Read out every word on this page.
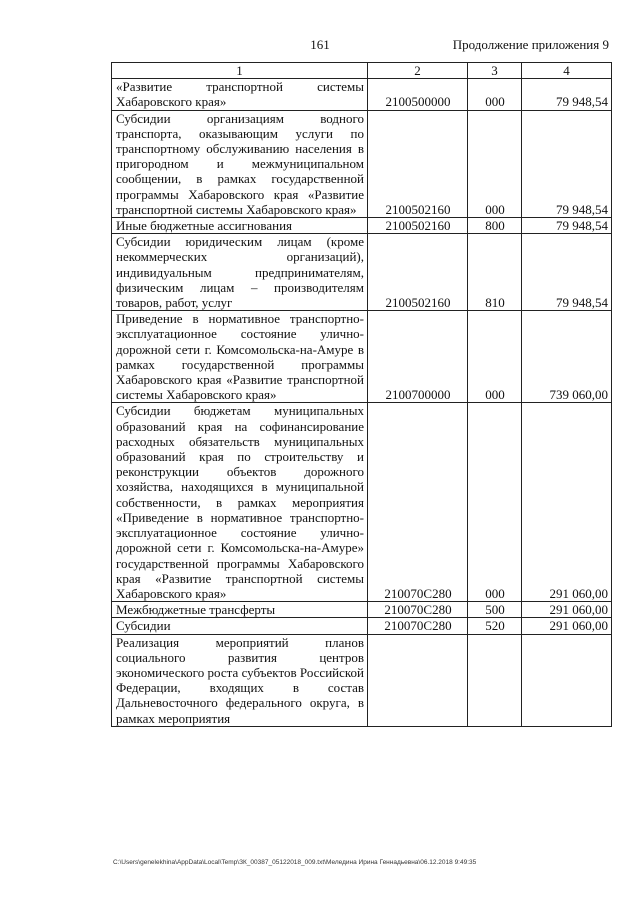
161	Продолжение приложения 9
1	2	3	4
«Развитие транспортной системы Хабаровского края»	2100500000	000	79 948,54
Субсидии организациям водного транспорта, оказывающим услуги по транспортному обслуживанию населения в пригородном и межмуниципальном сообщении, в рамках государственной программы Хабаровского края «Развитие транспортной системы Хабаровского края»	2100502160	000	79 948,54
Иные бюджетные ассигнования	2100502160	800	79 948,54
Субсидии юридическим лицам (кроме некоммерческих организаций), индивидуальным предпринимателям, физическим лицам – производителям товаров, работ, услуг	2100502160	810	79 948,54
Приведение в нормативное транспортно-эксплуатационное состояние улично-дорожной сети г. Комсомольска-на-Амуре в рамках государственной программы Хабаровского края «Развитие транспортной системы Хабаровского края»	2100700000	000	739 060,00
Субсидии бюджетам муниципальных образований края на софинансирование расходных обязательств муниципальных образований края по строительству и реконструкции объектов дорожного хозяйства, находящихся в муниципальной собственности, в рамках мероприятия «Приведение в нормативное транспортно-эксплуатационное состояние улично-дорожной сети г. Комсомольска-на-Амуре» государственной программы Хабаровского края «Развитие транспортной системы Хабаровского края»	210070С280	000	291 060,00
Межбюджетные трансферты	210070С280	500	291 060,00
Субсидии	210070С280	520	291 060,00
Реализация мероприятий планов социального развития центров экономического роста субъектов Российской Федерации, входящих в состав Дальневосточного федерального округа, в рамках мероприятия			
C:\Users\genelekhina\AppData\Local\Temp\ЗК_00387_05122018_009.txt\Меледина Ирина Геннадьевна\06.12.2018 9:49:35
